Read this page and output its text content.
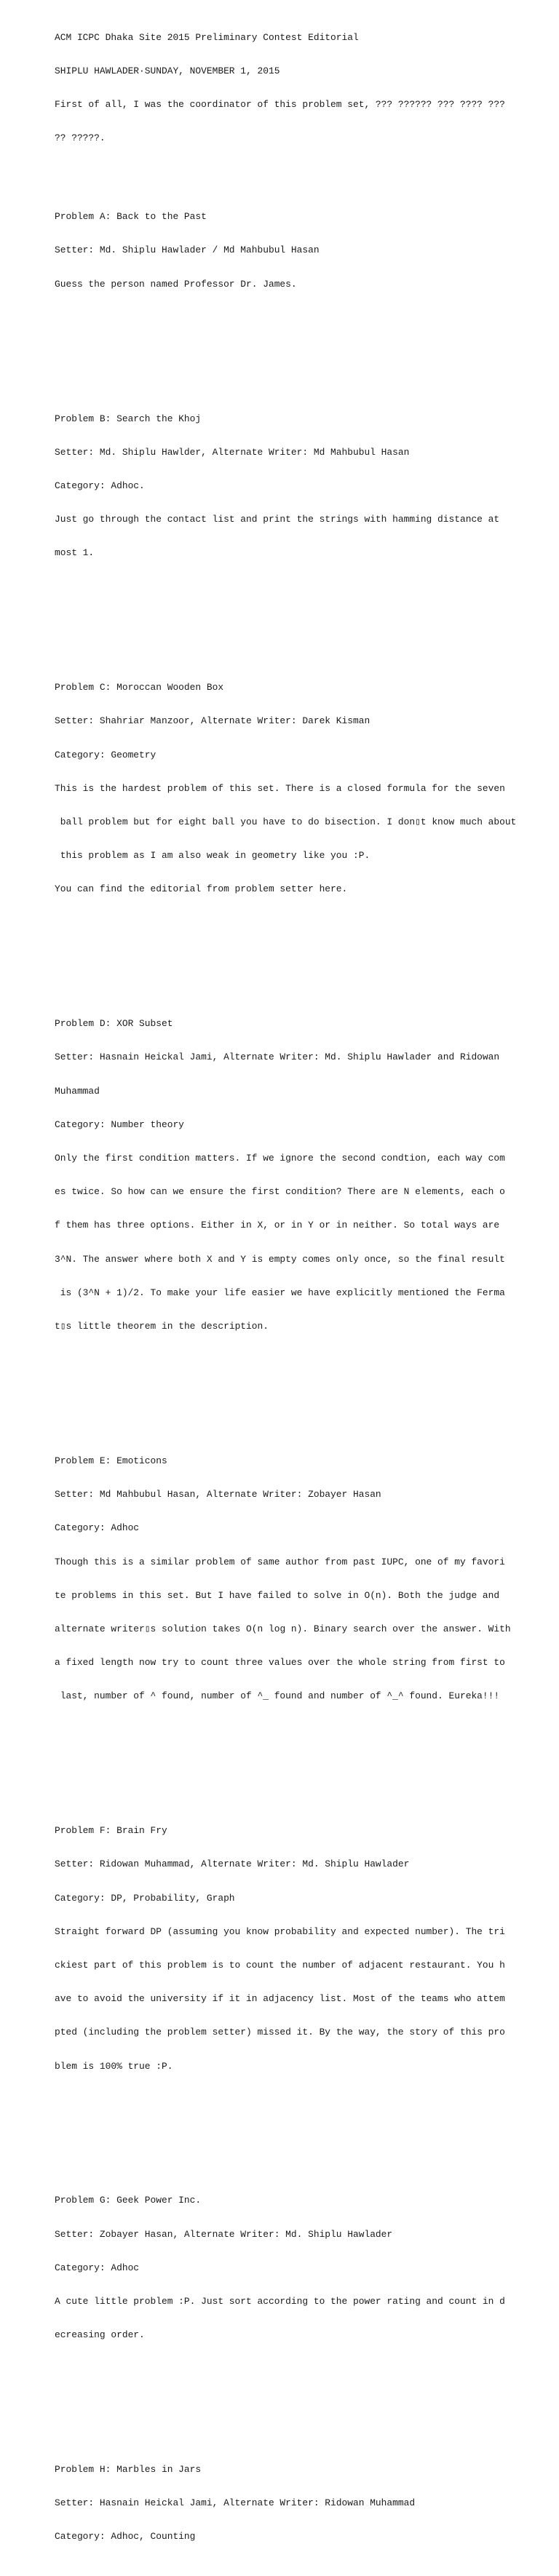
ACM ICPC Dhaka Site 2015 Preliminary Contest Editorial

SHIPLU HAWLADER·SUNDAY, NOVEMBER 1, 2015

First of all, I was the coordinator of this problem set, ??? ?????? ??? ???? ???

?? ?????.

Problem A: Back to the Past

Setter: Md. Shiplu Hawlader / Md Mahbubul Hasan

Guess the person named Professor Dr. James.

Problem B: Search the Khoj

Setter: Md. Shiplu Hawlder, Alternate Writer: Md Mahbubul Hasan

Category: Adhoc.

Just go through the contact list and print the strings with hamming distance at

most 1.

Problem C: Moroccan Wooden Box

Setter: Shahriar Manzoor, Alternate Writer: Darek Kisman

Category: Geometry

This is the hardest problem of this set. There is a closed formula for the seven

ball problem but for eight ball you have to do bisection. I don▯t know much about

this problem as I am also weak in geometry like you :P.

You can find the editorial from problem setter here.

Problem D: XOR Subset

Setter: Hasnain Heickal Jami, Alternate Writer: Md. Shiplu Hawlader and Ridowan

Muhammad

Category: Number theory

Only the first condition matters. If we ignore the second condtion, each way com

es twice. So how can we ensure the first condition? There are N elements, each o

f them has three options. Either in X, or in Y or in neither. So total ways are

3^N. The answer where both X and Y is empty comes only once, so the final result

is (3^N + 1)/2. To make your life easier we have explicitly mentioned the Ferma

t▯s little theorem in the description.

Problem E: Emoticons

Setter: Md Mahbubul Hasan, Alternate Writer: Zobayer Hasan

Category: Adhoc

Though this is a similar problem of same author from past IUPC, one of my favori

te problems in this set. But I have failed to solve in O(n). Both the judge and

alternate writer▯s solution takes O(n log n). Binary search over the answer. With

a fixed length now try to count three values over the whole string from first to

last, number of ^ found, number of ^_ found and number of ^_^ found. Eureka!!!

Problem F: Brain Fry

Setter: Ridowan Muhammad, Alternate Writer: Md. Shiplu Hawlader

Category: DP, Probability, Graph

Straight forward DP (assuming you know probability and expected number). The tri

ckiest part of this problem is to count the number of adjacent restaurant. You h

ave to avoid the university if it in adjacency list. Most of the teams who attem

pted (including the problem setter) missed it. By the way, the story of this pro

blem is 100% true :P.

Problem G: Geek Power Inc.

Setter: Zobayer Hasan, Alternate Writer: Md. Shiplu Hawlader

Category: Adhoc

A cute little problem :P. Just sort according to the power rating and count in d

ecreasing order.

Problem H: Marbles in Jars

Setter: Hasnain Heickal Jami, Alternate Writer: Ridowan Muhammad

Category: Adhoc, Counting
